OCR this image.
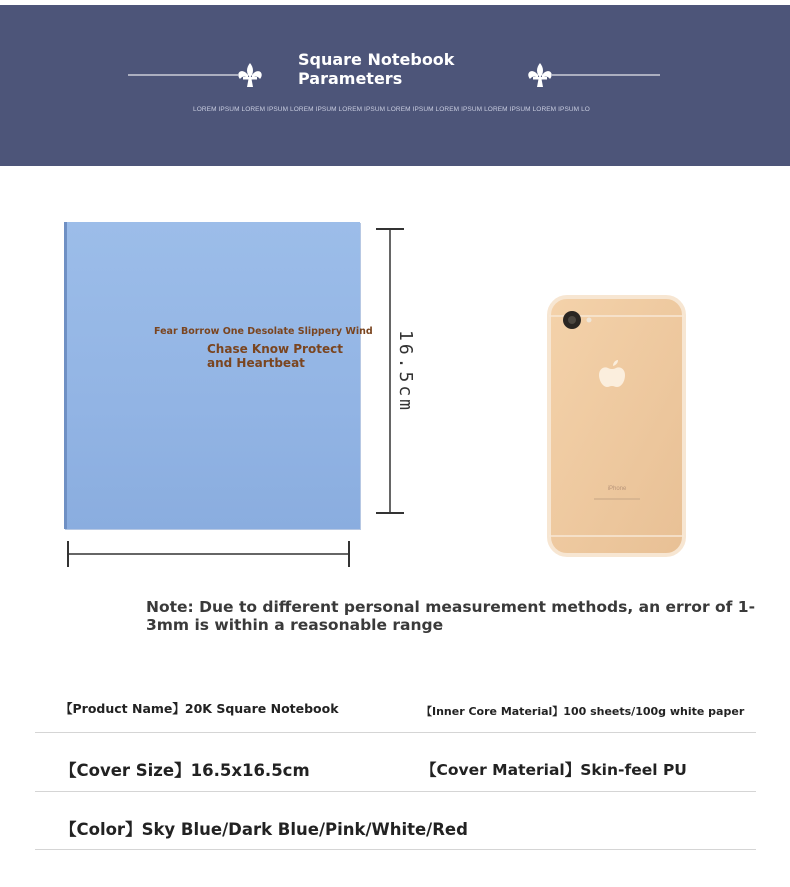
Square Notebook
Parameters
LOREM IPSUM LOREM IPSUM LOREM IPSUM LOREM IPSUM LOREM IPSUM LOREM IPSUM LOREM IPSUM LOREM IPSUM LO
Fear Borrow One Desolate Slippery Wind
Chase Know Protect and Heartbeat	16.5cm
iPhone
Note: Due to different personal measurement methods, an error of 1-3mm is within a reasonable range
【Product Name】20K Square Notebook	【Inner Core Material】100 sheets/100g white paper
【Cover Size】16.5x16.5cm	【Cover Material】Skin-feel PU
【Color】Sky Blue/Dark Blue/Pink/White/Red
